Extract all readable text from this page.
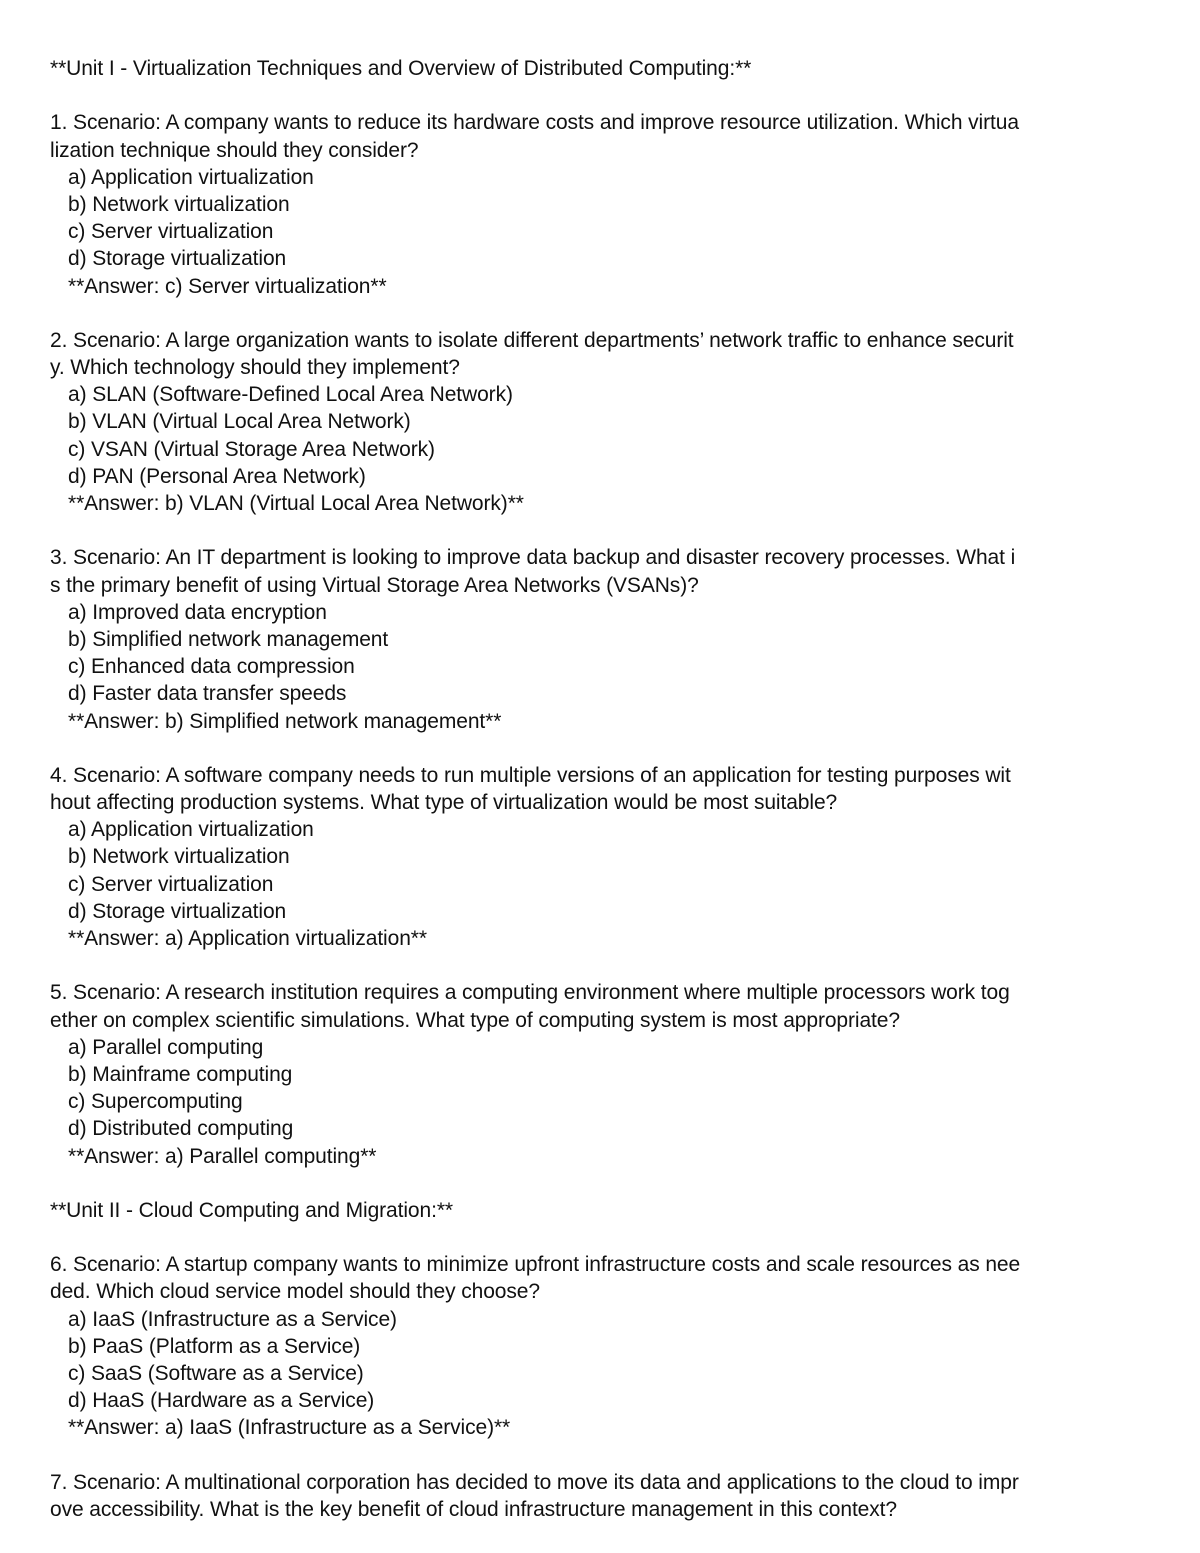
**Unit I - Virtualization Techniques and Overview of Distributed Computing:**
1. Scenario: A company wants to reduce its hardware costs and improve resource utilization. Which virtua
lization technique should they consider?
a) Application virtualization
b) Network virtualization
c) Server virtualization
d) Storage virtualization
**Answer: c) Server virtualization**
2. Scenario: A large organization wants to isolate different departments’ network traffic to enhance securit
y. Which technology should they implement?
a) SLAN (Software-Defined Local Area Network)
b) VLAN (Virtual Local Area Network)
c) VSAN (Virtual Storage Area Network)
d) PAN (Personal Area Network)
**Answer: b) VLAN (Virtual Local Area Network)**
3. Scenario: An IT department is looking to improve data backup and disaster recovery processes. What i
s the primary benefit of using Virtual Storage Area Networks (VSANs)?
a) Improved data encryption
b) Simplified network management
c) Enhanced data compression
d) Faster data transfer speeds
**Answer: b) Simplified network management**
4. Scenario: A software company needs to run multiple versions of an application for testing purposes wit
hout affecting production systems. What type of virtualization would be most suitable?
a) Application virtualization
b) Network virtualization
c) Server virtualization
d) Storage virtualization
**Answer: a) Application virtualization**
5. Scenario: A research institution requires a computing environment where multiple processors work tog
ether on complex scientific simulations. What type of computing system is most appropriate?
a) Parallel computing
b) Mainframe computing
c) Supercomputing
d) Distributed computing
**Answer: a) Parallel computing**
**Unit II - Cloud Computing and Migration:**
6. Scenario: A startup company wants to minimize upfront infrastructure costs and scale resources as nee
ded. Which cloud service model should they choose?
a) IaaS (Infrastructure as a Service)
b) PaaS (Platform as a Service)
c) SaaS (Software as a Service)
d) HaaS (Hardware as a Service)
**Answer: a) IaaS (Infrastructure as a Service)**
7. Scenario: A multinational corporation has decided to move its data and applications to the cloud to impr
ove accessibility. What is the key benefit of cloud infrastructure management in this context?
